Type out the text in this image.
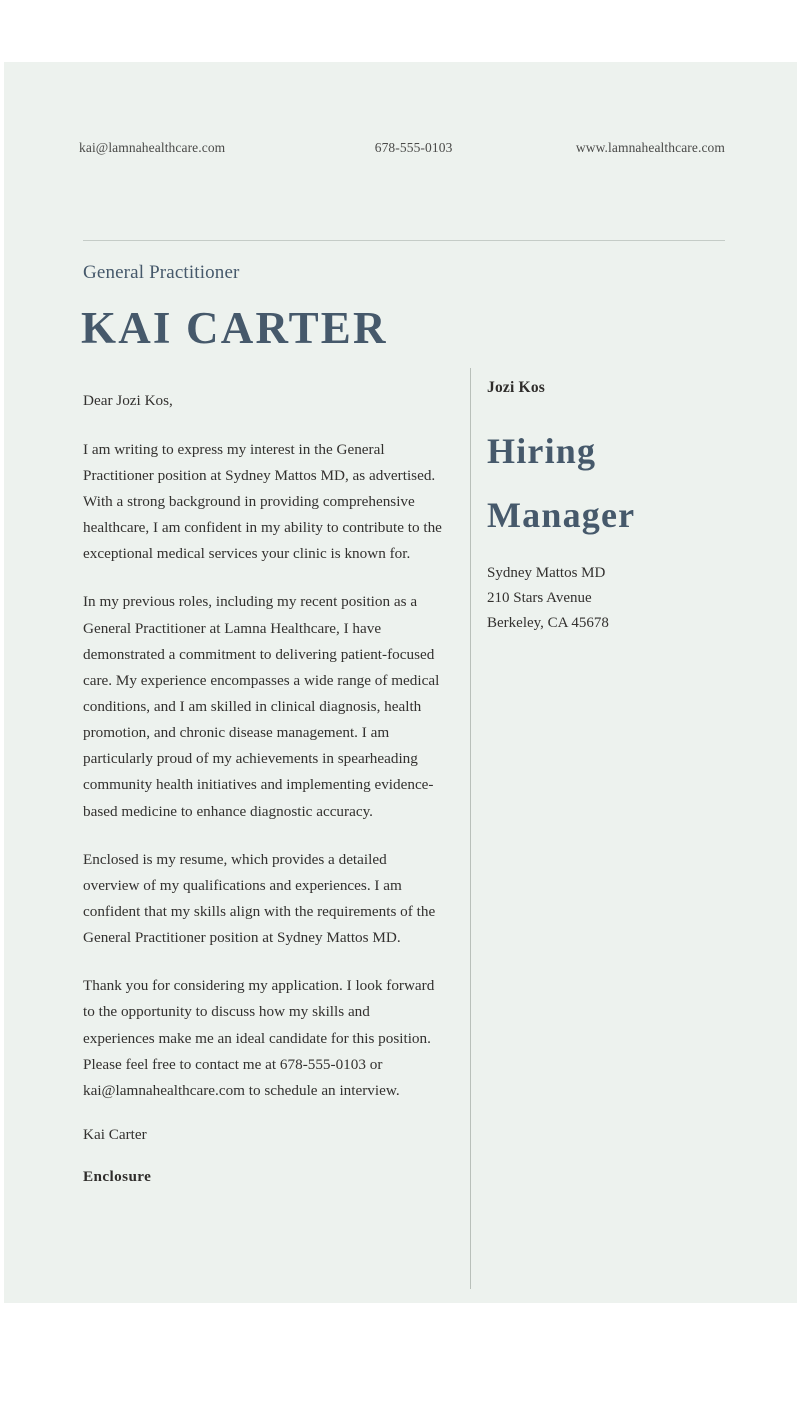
kai@lamnahealthcare.com	678-555-0103	www.lamnahealthcare.com
General Practitioner
KAI CARTER

Dear Jozi Kos,

I am writing to express my interest in the General Practitioner position at Sydney Mattos MD, as advertised. With a strong background in providing comprehensive healthcare, I am confident in my ability to contribute to the exceptional medical services your clinic is known for.

In my previous roles, including my recent position as a General Practitioner at Lamna Healthcare, I have demonstrated a commitment to delivering patient-focused care. My experience encompasses a wide range of medical conditions, and I am skilled in clinical diagnosis, health promotion, and chronic disease management. I am particularly proud of my achievements in spearheading community health initiatives and implementing evidence-based medicine to enhance diagnostic accuracy.

Enclosed is my resume, which provides a detailed overview of my qualifications and experiences. I am confident that my skills align with the requirements of the General Practitioner position at Sydney Mattos MD.

Thank you for considering my application. I look forward to the opportunity to discuss how my skills and experiences make me an ideal candidate for this position. Please feel free to contact me at 678-555-0103 or kai@lamnahealthcare.com to schedule an interview.

Kai Carter

Enclosure

Jozi Kos

Hiring Manager

Sydney Mattos MD

210 Stars Avenue

Berkeley, CA 45678
